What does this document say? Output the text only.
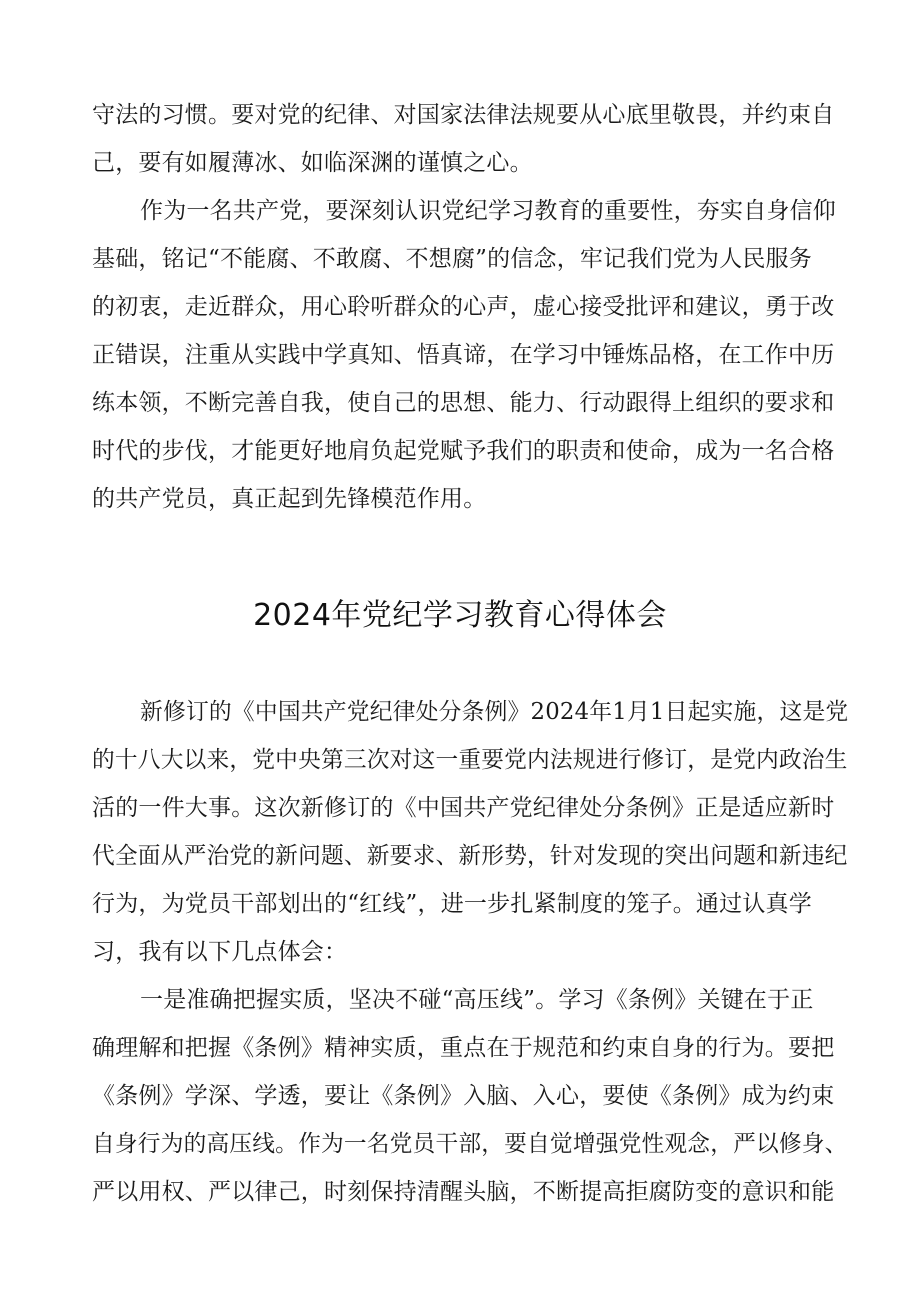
守法的习惯。要对党的纪律、对国家法律法规要从心底里敬畏，并约束自
己，要有如履薄冰、如临深渊的谨慎之心。
作为一名共产党，要深刻认识党纪学习教育的重要性，夯实自身信仰
基础，铭记“不能腐、不敢腐、不想腐”的信念，牢记我们党为人民服务
的初衷，走近群众，用心聆听群众的心声，虚心接受批评和建议，勇于改
正错误，注重从实践中学真知、悟真谛，在学习中锤炼品格，在工作中历
练本领，不断完善自我，使自己的思想、能力、行动跟得上组织的要求和
时代的步伐，才能更好地肩负起党赋予我们的职责和使命，成为一名合格
的共产党员，真正起到先锋模范作用。
2024年党纪学习教育心得体会
新修订的《中国共产党纪律处分条例》2024年1月1日起实施，这是党
的十八大以来，党中央第三次对这一重要党内法规进行修订，是党内政治生
活的一件大事。这次新修订的《中国共产党纪律处分条例》正是适应新时
代全面从严治党的新问题、新要求、新形势，针对发现的突出问题和新违纪
行为，为党员干部划出的“红线”，进一步扎紧制度的笼子。通过认真学
习，我有以下几点体会：
一是准确把握实质，坚决不碰“高压线”。学习《条例》关键在于正
确理解和把握《条例》精神实质，重点在于规范和约束自身的行为。要把
《条例》学深、学透，要让《条例》入脑、入心，要使《条例》成为约束
自身行为的高压线。作为一名党员干部，要自觉增强党性观念，严以修身、
严以用权、严以律己，时刻保持清醒头脑，不断提高拒腐防变的意识和能
